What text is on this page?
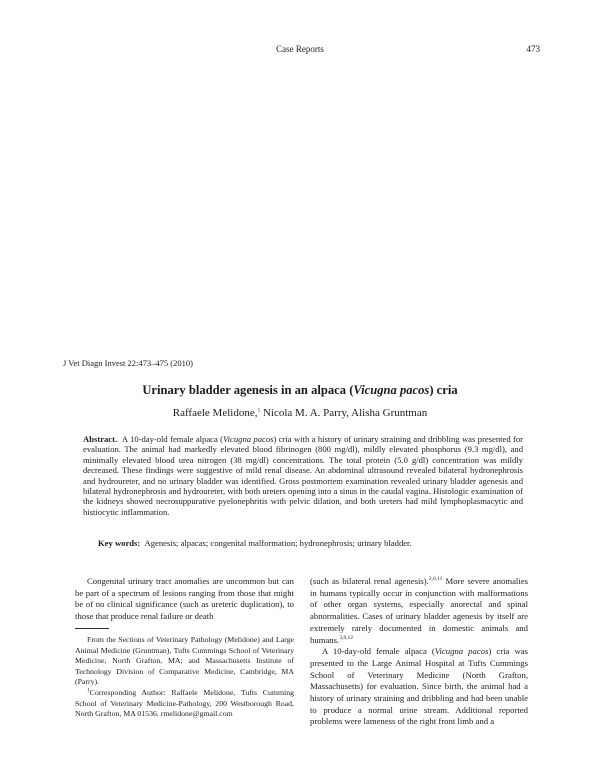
Case Reports	473
J Vet Diagn Invest 22:473–475 (2010)
Urinary bladder agenesis in an alpaca (Vicugna pacos) cria
Raffaele Melidone,$^1$ Nicola M. A. Parry, Alisha Gruntman
Abstract. A 10-day-old female alpaca (Vicugna pacos) cria with a history of urinary straining and dribbling was presented for evaluation. The animal had markedly elevated blood fibrinogen (800 mg/dl), mildly elevated phosphorus (9.3 mg/dl), and minimally elevated blood urea nitrogen (38 mg/dl) concentrations. The total protein (5.0 g/dl) concentration was mildly decreased. These findings were suggestive of mild renal disease. An abdominal ultrasound revealed bilateral hydronephrosis and hydroureter, and no urinary bladder was identified. Gross postmortem examination revealed urinary bladder agenesis and bilateral hydronephrosis and hydroureter, with both ureters opening into a sinus in the caudal vagina. Histologic examination of the kidneys showed necrosuppurative pyelonephritis with pelvic dilation, and both ureters had mild lymphoplasmacytic and histiocytic inflammation.
Key words: Agenesis; alpacas; congenital malformation; hydronephrosis; urinary bladder.

Congenital urinary tract anomalies are uncommon but can be part of a spectrum of lesions ranging from those that might be of no clinical significance (such as ureteric duplication), to those that produce renal failure or death

From the Sections of Veterinary Pathology (Melidone) and Large Animal Medicine (Gruntman), Tufts Cummings School of Veterinary Medicine, North Grafton, MA; and Massachusetts Institute of Technology Division of Comparative Medicine, Cambridge, MA (Parry).

$^1$Corresponding Author: Raffaele Melidone, Tufts Cumming School of Veterinary Medicine-Pathology, 200 Westborough Road, North Grafton, MA 01536. rmelidone@gmail.com

(such as bilateral renal agenesis).$^{2,6,11}$ More severe anomalies in humans typically occur in conjunction with malformations of other organ systems, especially anorectal and spinal abnormalities. Cases of urinary bladder agenesis by itself are extremely rarely documented in domestic animals and humans.$^{3,8,12}$

A 10-day-old female alpaca (Vicugna pacos) cria was presented to the Large Animal Hospital at Tufts Cummings School of Veterinary Medicine (North Grafton, Massachusetts) for evaluation. Since birth, the animal had a history of urinary straining and dribbling and had been unable to produce a normal urine stream. Additional reported problems were lameness of the right front limb and a
